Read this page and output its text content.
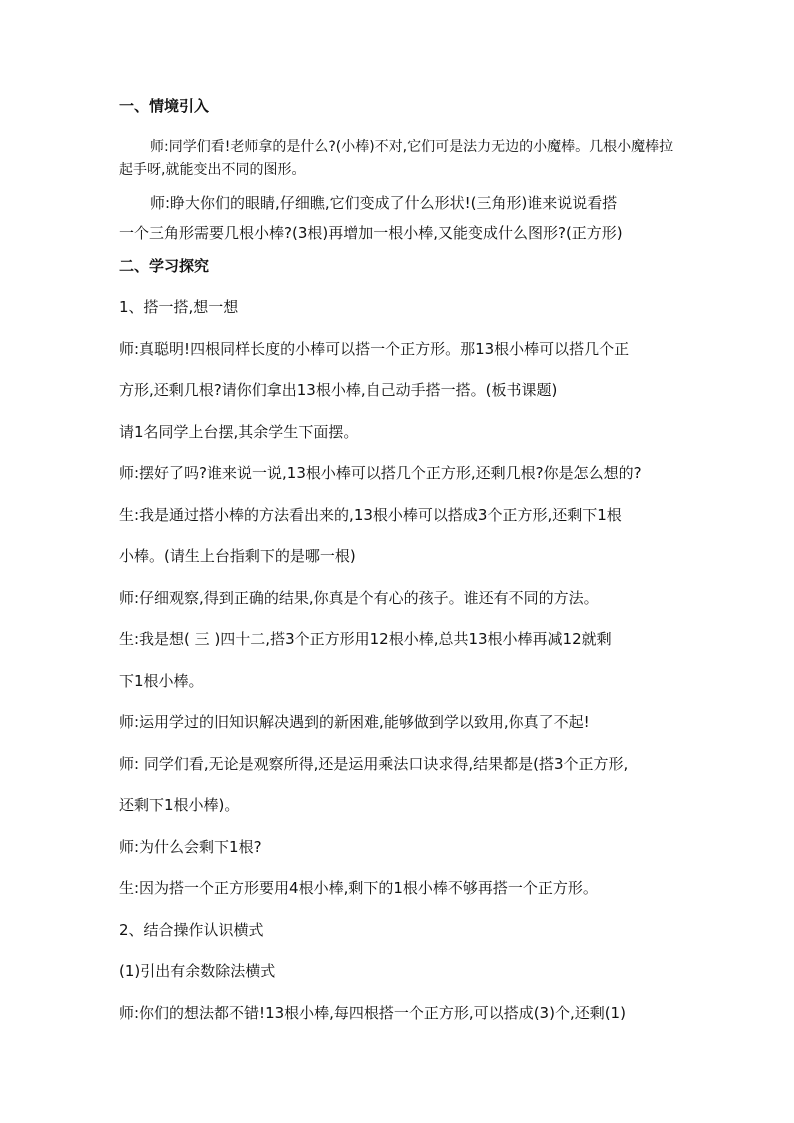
一、情境引入
师:同学们看!老师拿的是什么?(小棒)不对,它们可是法力无边的小魔棒。几根小魔棒拉
起手呀,就能变出不同的图形。
师:睁大你们的眼睛,仔细瞧,它们变成了什么形状!(三角形)谁来说说看搭
一个三角形需要几根小棒?(3根)再增加一根小棒,又能变成什么图形?(正方形)
二、学习探究
1、搭一搭,想一想
师:真聪明!四根同样长度的小棒可以搭一个正方形。那13根小棒可以搭几个正
方形,还剩几根?请你们拿出13根小棒,自己动手搭一搭。(板书课题)
请1名同学上台摆,其余学生下面摆。
师:摆好了吗?谁来说一说,13根小棒可以搭几个正方形,还剩几根?你是怎么想的?
生:我是通过搭小棒的方法看出来的,13根小棒可以搭成3个正方形,还剩下1根
小棒。(请生上台指剩下的是哪一根)
师:仔细观察,得到正确的结果,你真是个有心的孩子。谁还有不同的方法。
生:我是想( 三 )四十二,搭3个正方形用12根小棒,总共13根小棒再减12就剩
下1根小棒。
师:运用学过的旧知识解决遇到的新困难,能够做到学以致用,你真了不起!
师: 同学们看,无论是观察所得,还是运用乘法口诀求得,结果都是(搭3个正方形,
还剩下1根小棒)。
师:为什么会剩下1根?
生:因为搭一个正方形要用4根小棒,剩下的1根小棒不够再搭一个正方形。
2、结合操作认识横式
(1)引出有余数除法横式
师:你们的想法都不错!13根小棒,每四根搭一个正方形,可以搭成(3)个,还剩(1)
